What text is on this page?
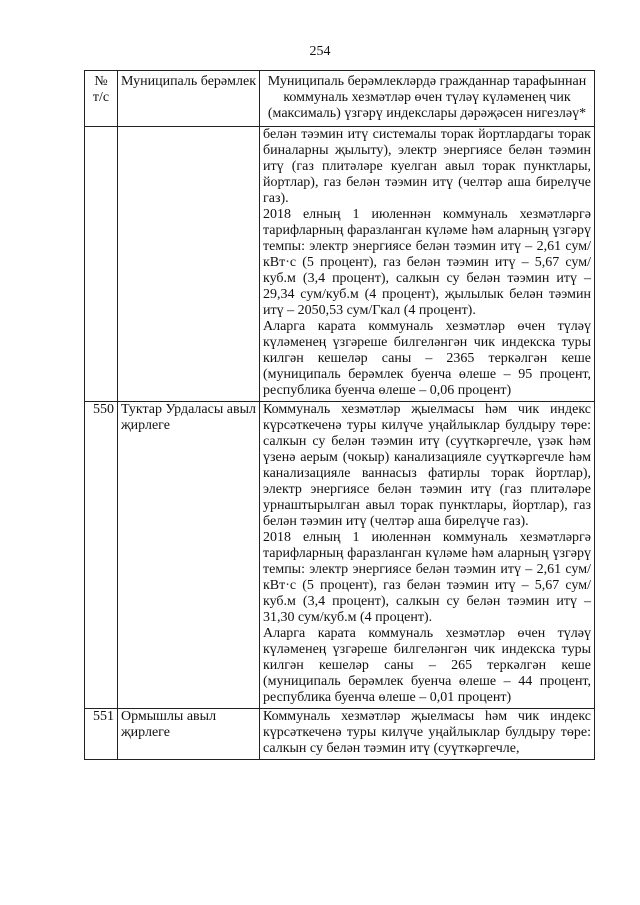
254
№ т/с	Муниципаль берәмлек	Муниципаль берәмлекләрдә гражданнар тарафыннан коммуналь хезмәтләр өчен түләү күләменең чик (максималь) үзгәрү индекслары дәрәҗәсен нигезләү*

		белән тәэмин итү системалы торак йортлардагы торак биналарны җылыту), электр энергиясе белән тәэмин итү (газ плитәләре куелган авыл торак пунктлары, йортлар), газ белән тәэмин итү (челтәр аша бирелүче газ).

2018 елның 1 июленнән коммуналь хезмәтләргә тарифларның фаразланган күләме һәм аларның үзгәрү темпы: электр энергиясе белән тәэмин итү – 2,61 сум/кВт·с (5 процент), газ белән тәэмин итү – 5,67 сум/куб.м (3,4 процент), салкын су белән тәэмин итү – 29,34 сум/куб.м (4 процент), җылылык белән тәэмин итү – 2050,53 сум/Гкал (4 процент).

Аларга карата коммуналь хезмәтләр өчен түләү күләменең үзгәреше билгеләнгән чик индекска туры килгән кешеләр саны – 2365 теркәлгән кеше (муниципаль берәмлек буенча өлеше – 95 процент, республика буенча өлеше – 0,06 процент)

550	Туктар Урдаласы авыл җирлеге	Коммуналь хезмәтләр җыелмасы һәм чик индекс күрсәткеченә туры килүче уңайлыклар булдыру төре: салкын су белән тәэмин итү (суүткәргечле, үзәк һәм үзенә аерым (чокыр) канализацияле суүткәргечле һәм канализацияле ваннасыз фатирлы торак йортлар), электр энергиясе белән тәэмин итү (газ плитәләре урнаштырылган авыл торак пунктлары, йортлар), газ белән тәэмин итү (челтәр аша бирелүче газ).

2018 елның 1 июленнән коммуналь хезмәтләргә тарифларның фаразланган күләме һәм аларның үзгәрү темпы: электр энергиясе белән тәэмин итү – 2,61 сум/кВт·с (5 процент), газ белән тәэмин итү – 5,67 сум/куб.м (3,4 процент), салкын су белән тәэмин итү – 31,30 сум/куб.м (4 процент).

Аларга карата коммуналь хезмәтләр өчен түләү күләменең үзгәреше билгеләнгән чик индекска туры килгән кешеләр саны – 265 теркәлгән кеше (муниципаль берәмлек буенча өлеше – 44 процент, республика буенча өлеше – 0,01 процент)

551	Ормышлы авыл җирлеге	Коммуналь хезмәтләр җыелмасы һәм чик индекс күрсәткеченә туры килүче уңайлыклар булдыру төре: салкын су белән тәэмин итү (суүткәргечле,
